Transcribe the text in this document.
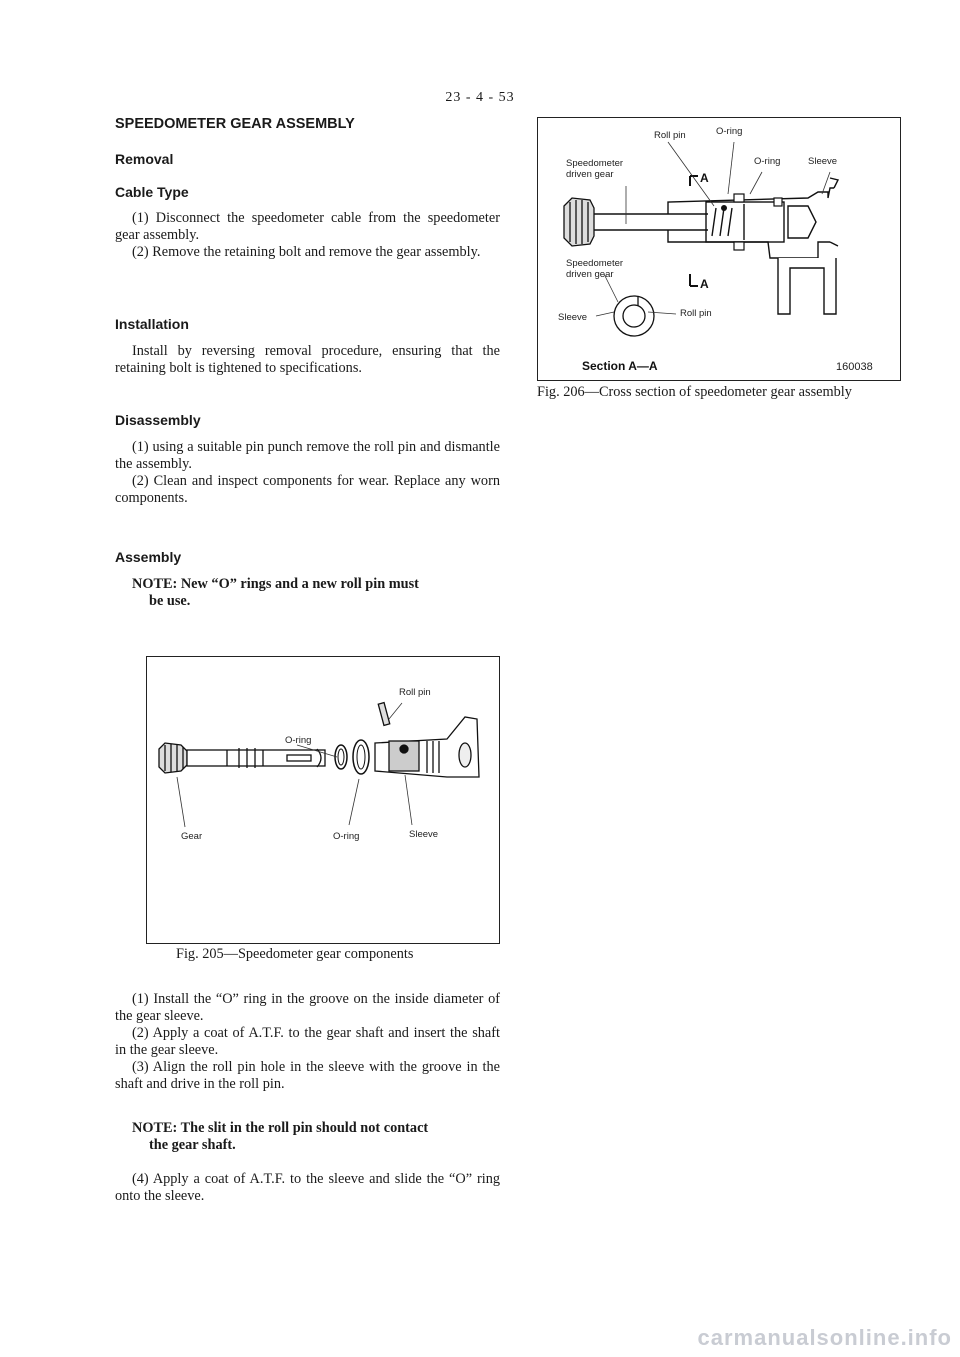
23 - 4 - 53
SPEEDOMETER GEAR ASSEMBLY
Removal
Cable Type
(1) Disconnect the speedometer cable from the speedometer gear assembly.
(2) Remove the retaining bolt and remove the gear assembly.
Installation
Install by reversing removal procedure, ensuring that the retaining bolt is tightened to specifications.
Disassembly
(1) using a suitable pin punch remove the roll pin and dismantle the assembly.
(2) Clean and inspect components for wear. Replace any worn components.
Assembly
NOTE: New “O” rings and a new roll pin must
be use.
Roll pin
O-ring
Gear	O-ring	Sleeve
Fig. 205—Speedometer gear components
(1) Install the “O” ring in the groove on the inside diameter of the gear sleeve.
(2) Apply a coat of A.T.F. to the gear shaft and insert the shaft in the gear sleeve.
(3) Align the roll pin hole in the sleeve with the groove in the shaft and drive in the roll pin.
NOTE: The slit in the roll pin should not contact
the gear shaft.
(4) Apply a coat of A.T.F. to the sleeve and slide the “O” ring onto the sleeve.
Roll pin	O-ring
Speedometer driven gear	A
O-ring	Sleeve
Speedometer driven gear
A
Sleeve	Roll pin
Section A—A	160038
Fig. 206—Cross section of speedometer gear assembly
carmanualsonline.info
